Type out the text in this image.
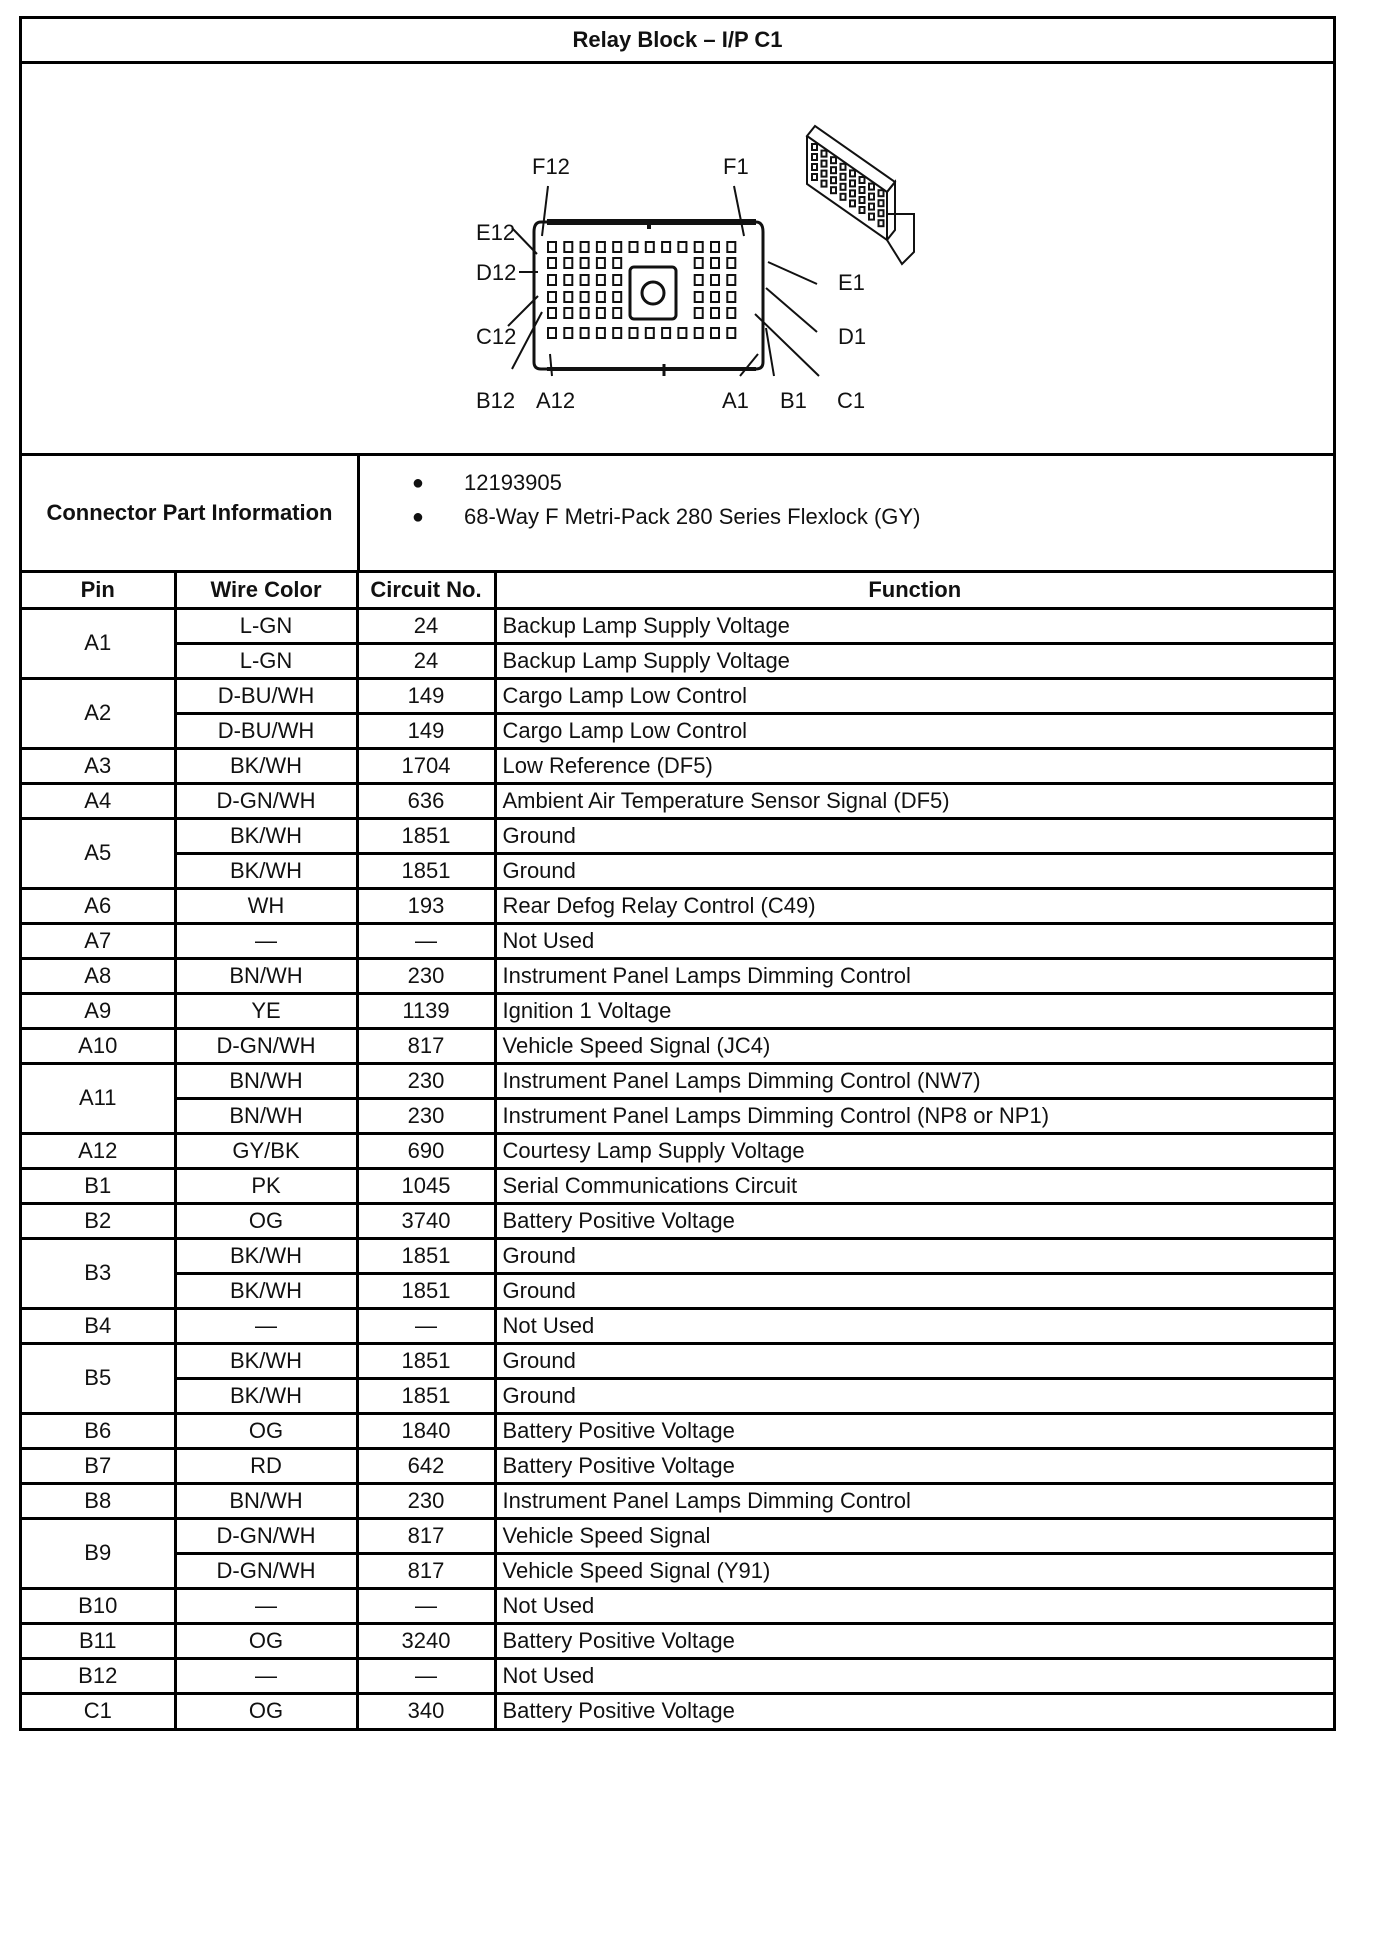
Relay Block – I/P C1
F12	F1
E12
D12
C12
B12 A12	A1 B1 C1
D1
E1
Connector Part Information
●	12193905
●	68-Way F Metri-Pack 280 Series Flexlock (GY)
Pin	Wire Color	Circuit No.	Function
A1	L-GN	24	Backup Lamp Supply Voltage
	L-GN	24	Backup Lamp Supply Voltage
A2	D-BU/WH	149	Cargo Lamp Low Control
	D-BU/WH	149	Cargo Lamp Low Control
A3	BK/WH	1704	Low Reference (DF5)
A4	D-GN/WH	636	Ambient Air Temperature Sensor Signal (DF5)
A5	BK/WH	1851	Ground
	BK/WH	1851	Ground
A6	WH	193	Rear Defog Relay Control (C49)
A7	—	—	Not Used
A8	BN/WH	230	Instrument Panel Lamps Dimming Control
A9	YE	1139	Ignition 1 Voltage
A10	D-GN/WH	817	Vehicle Speed Signal (JC4)
A11	BN/WH	230	Instrument Panel Lamps Dimming Control (NW7)
	BN/WH	230	Instrument Panel Lamps Dimming Control (NP8 or NP1)
A12	GY/BK	690	Courtesy Lamp Supply Voltage
B1	PK	1045	Serial Communications Circuit
B2	OG	3740	Battery Positive Voltage
B3	BK/WH	1851	Ground
	BK/WH	1851	Ground
B4	—	—	Not Used
B5	BK/WH	1851	Ground
	BK/WH	1851	Ground
B6	OG	1840	Battery Positive Voltage
B7	RD	642	Battery Positive Voltage
B8	BN/WH	230	Instrument Panel Lamps Dimming Control
B9	D-GN/WH	817	Vehicle Speed Signal
	D-GN/WH	817	Vehicle Speed Signal (Y91)
B10	—	—	Not Used
B11	OG	3240	Battery Positive Voltage
B12	—	—	Not Used
C1	OG	340	Battery Positive Voltage
